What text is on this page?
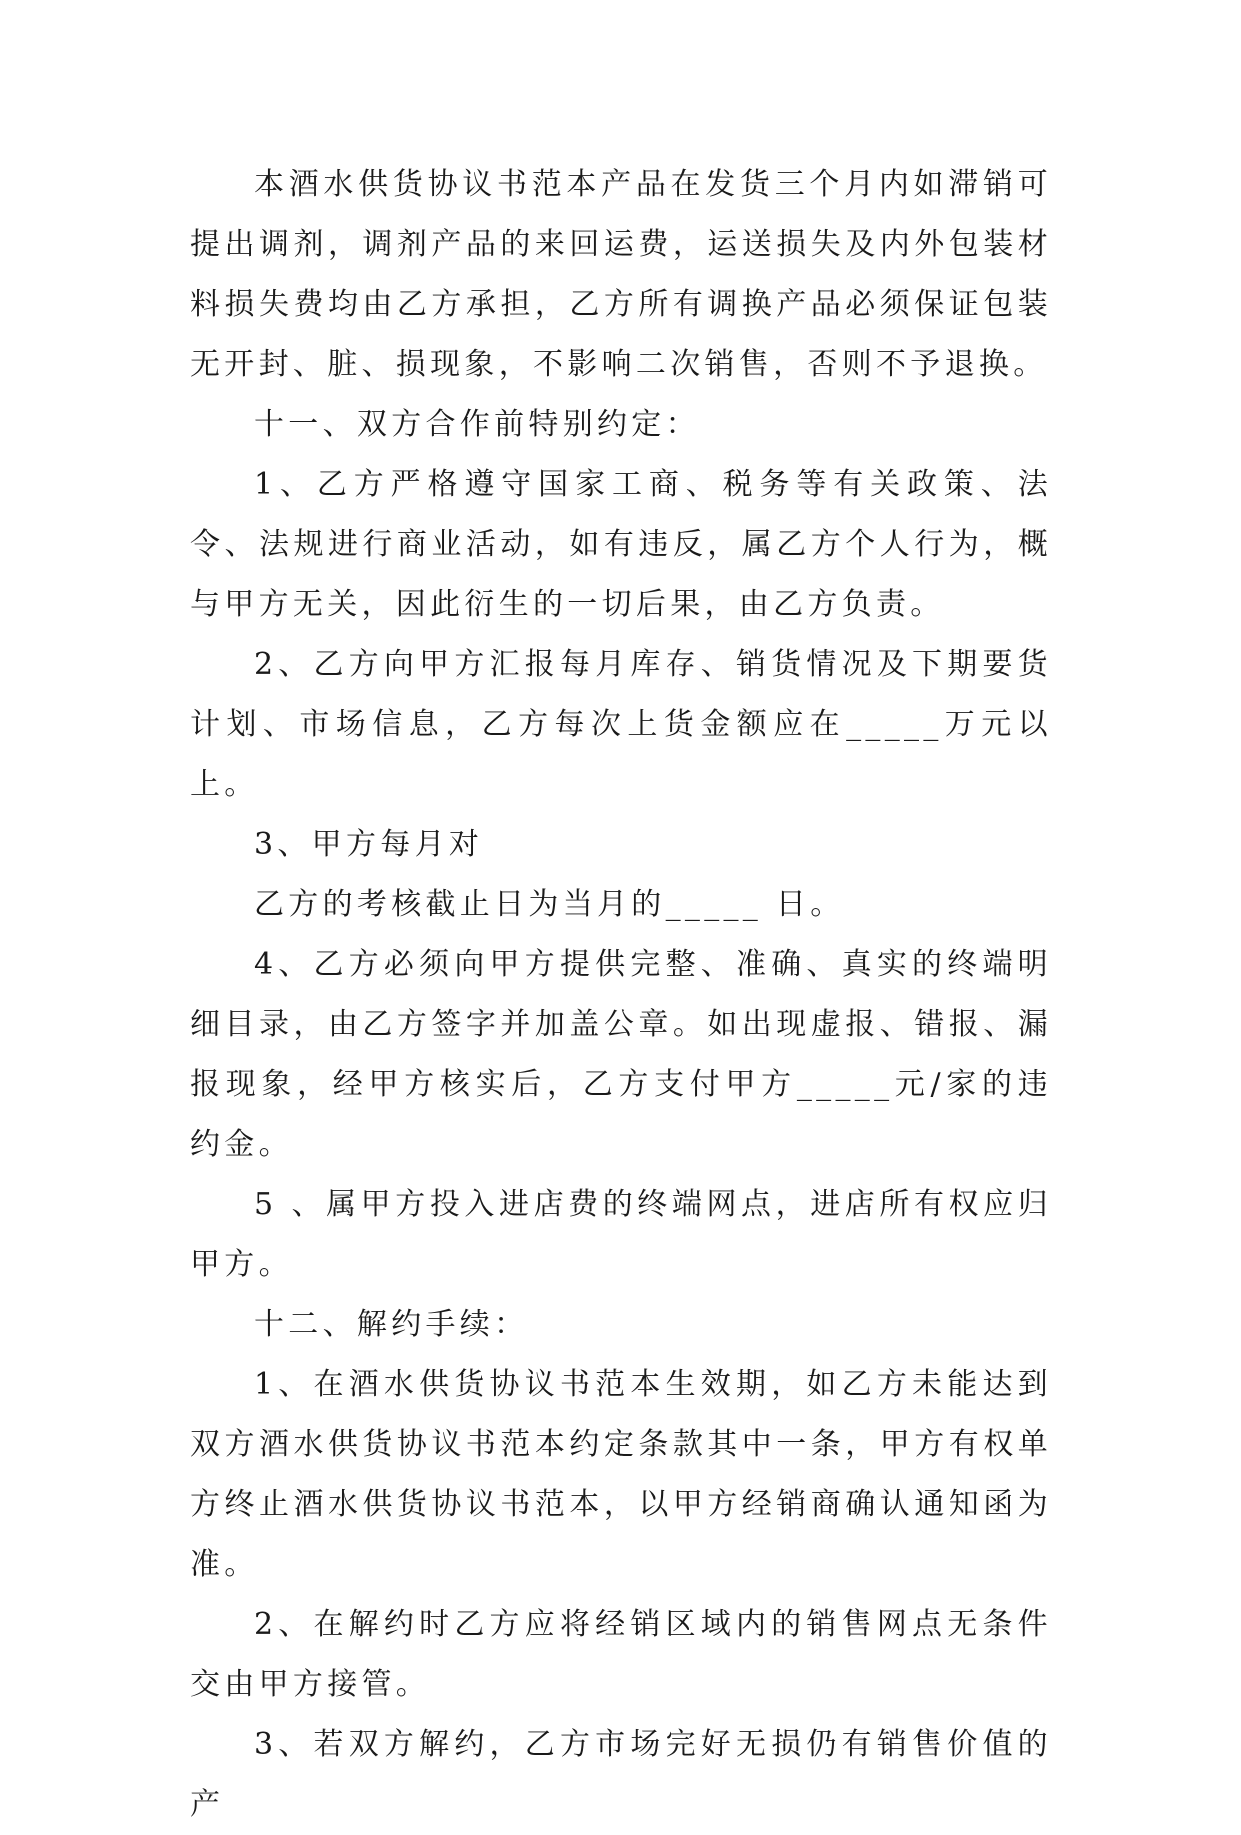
本酒水供货协议书范本产品在发货三个月内如滞销可提出调剂，调剂产品的来回运费，运送损失及内外包装材料损失费均由乙方承担，乙方所有调换产品必须保证包装无开封、脏、损现象，不影响二次销售，否则不予退换。

十一、双方合作前特别约定：

1、乙方严格遵守国家工商、税务等有关政策、法令、法规进行商业活动，如有违反，属乙方个人行为，概与甲方无关，因此衍生的一切后果，由乙方负责。

2、乙方向甲方汇报每月库存、销货情况及下期要货计划、市场信息，乙方每次上货金额应在_____万元以上。

3、甲方每月对

乙方的考核截止日为当月的_____ 日。

4、乙方必须向甲方提供完整、准确、真实的终端明细目录，由乙方签字并加盖公章。如出现虚报、错报、漏报现象，经甲方核实后，乙方支付甲方_____元/家的违约金。

5 、属甲方投入进店费的终端网点，进店所有权应归甲方。

十二、解约手续：

1、在酒水供货协议书范本生效期，如乙方未能达到双方酒水供货协议书范本约定条款其中一条，甲方有权单方终止酒水供货协议书范本，以甲方经销商确认通知函为准。

2、在解约时乙方应将经销区域内的销售网点无条件交由甲方接管。

3、若双方解约，乙方市场完好无损仍有销售价值的产
